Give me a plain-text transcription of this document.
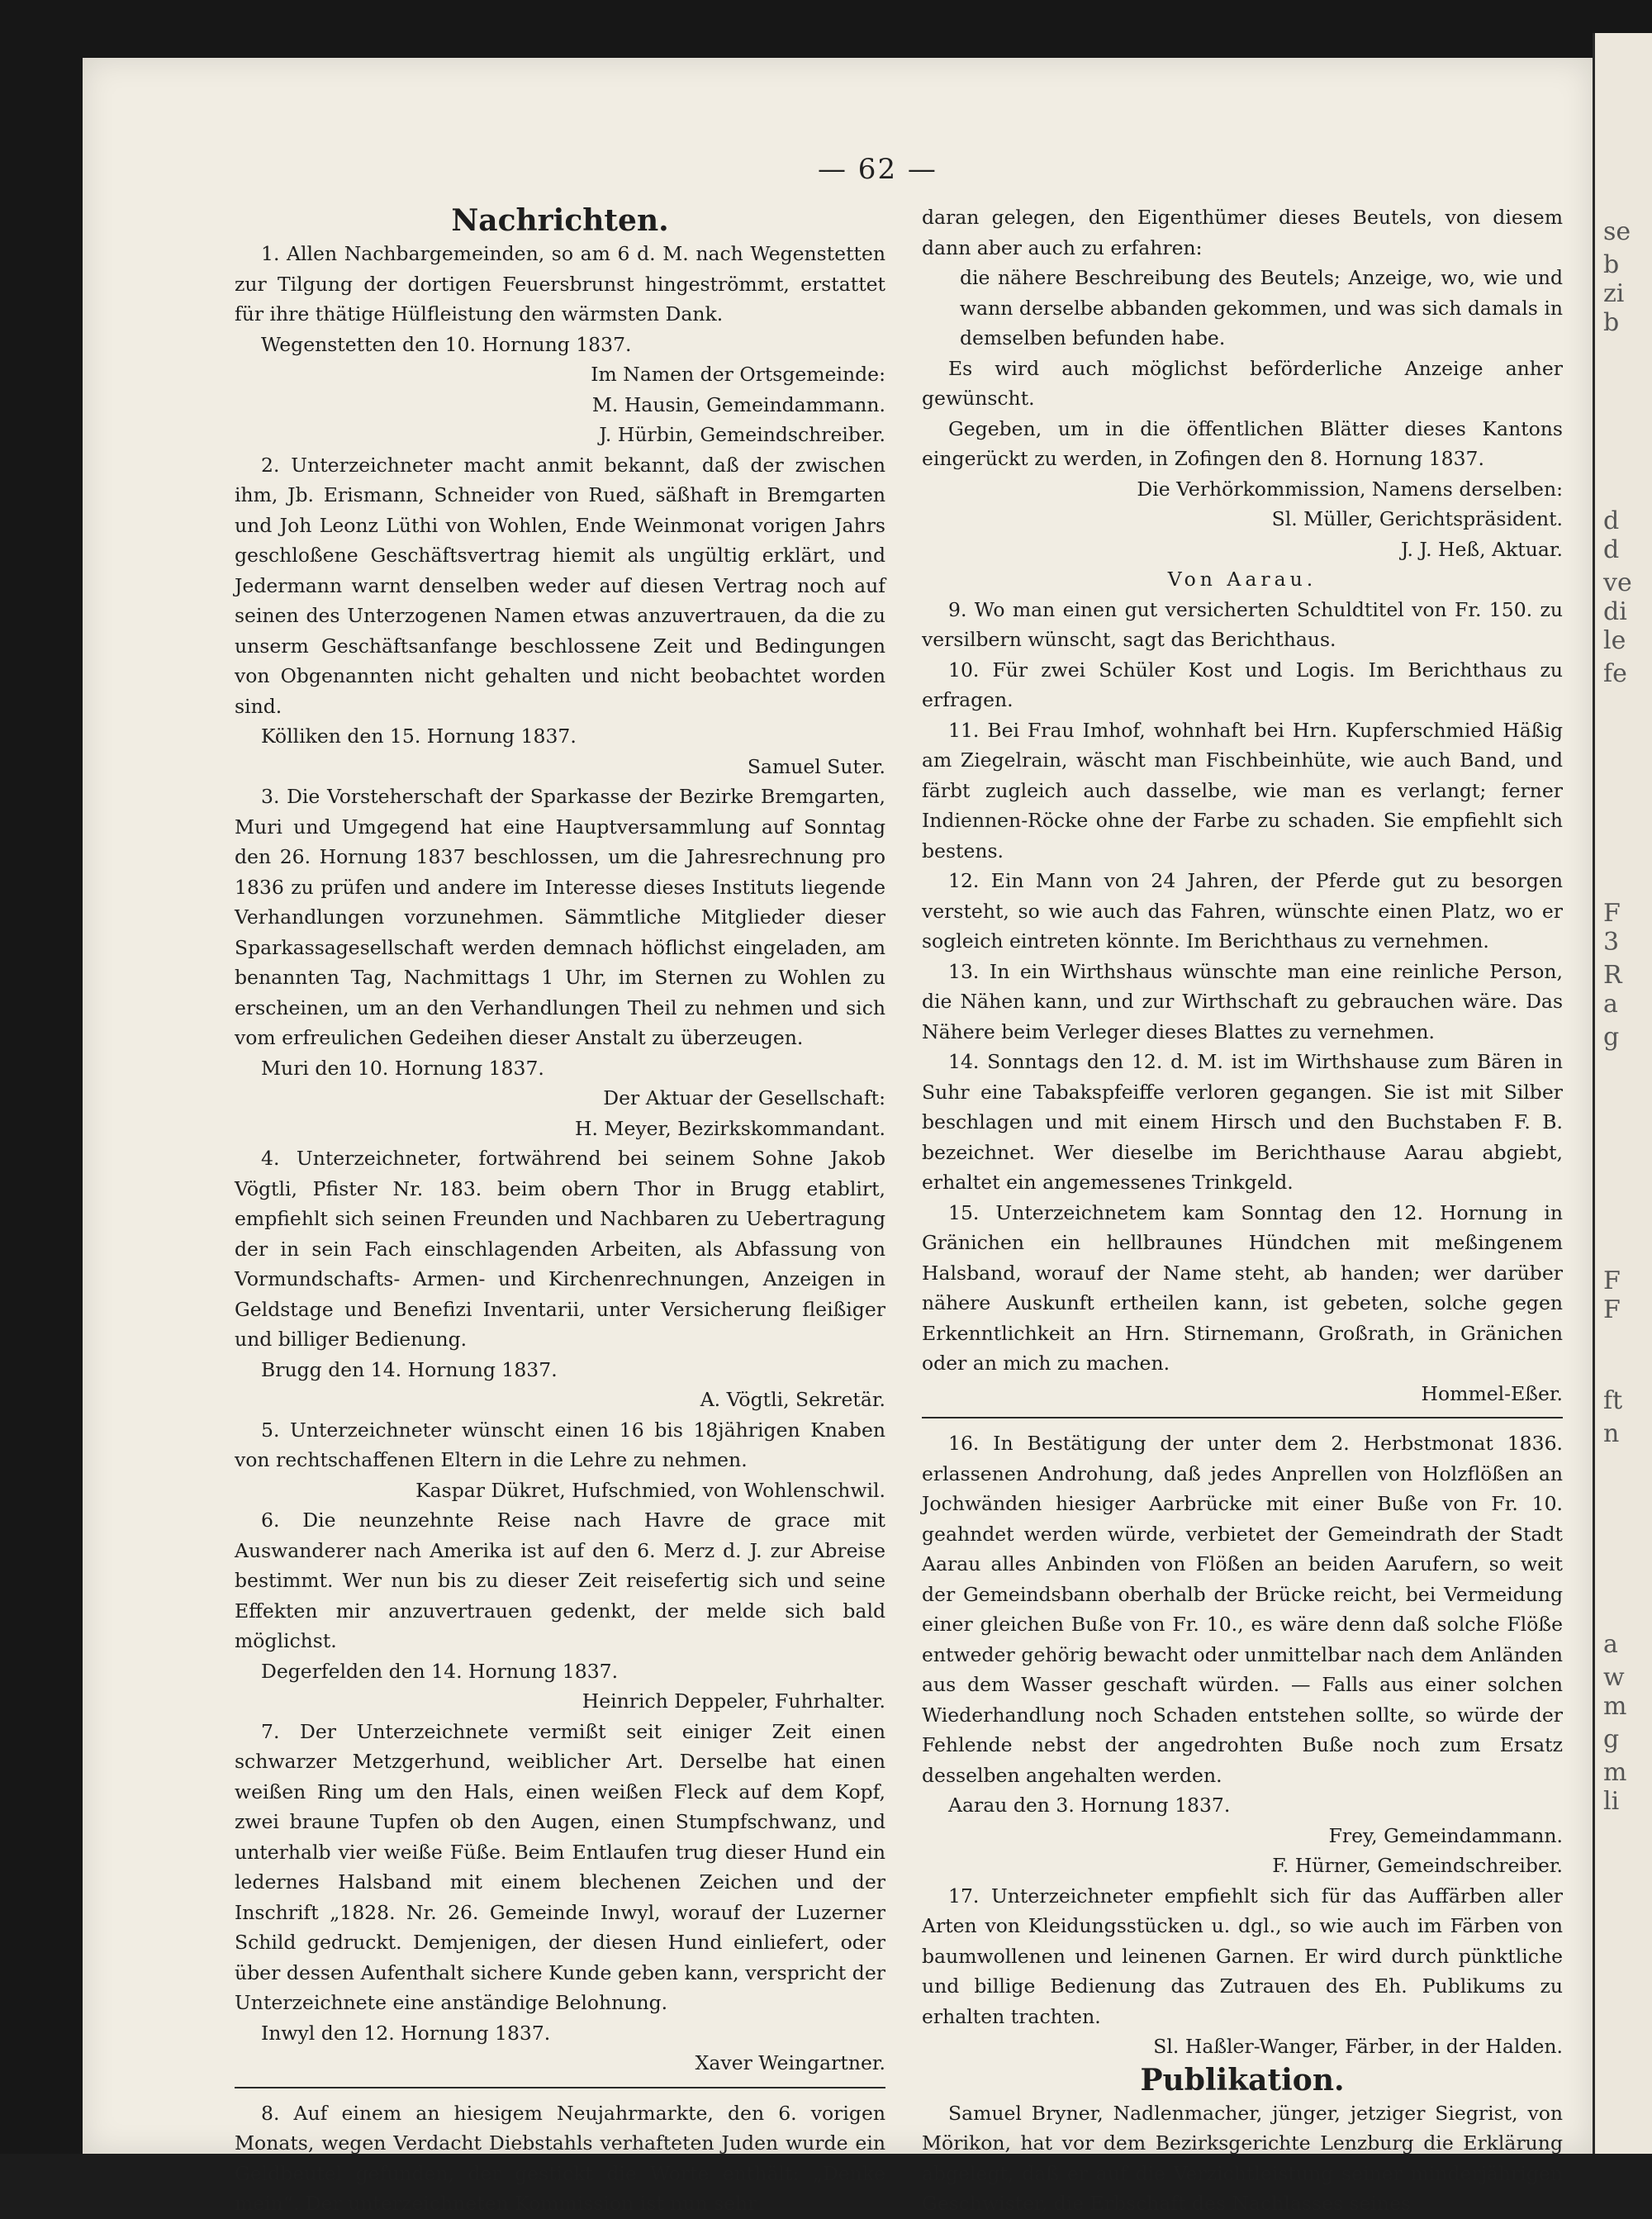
— 62 —
se
b
zi
b
d
d
ve
di
le
fe
F
3
R
a
g
F
F
ft
n
a
w
m
g
m
li

Nachrichten.

1. Allen Nachbargemeinden, so am 6 d. M. nach Wegenstetten zur Tilgung der dortigen Feuersbrunst hingeströmmt, erstattet für ihre thätige Hülfleistung den wärmsten Dank.

Wegenstetten den 10. Hornung 1837.

Im Namen der Ortsgemeinde:

M. Hausin, Gemeindammann.

J. Hürbin, Gemeindschreiber.

2. Unterzeichneter macht anmit bekannt, daß der zwischen ihm, Jb. Erismann, Schneider von Rued, säßhaft in Bremgarten und Joh Leonz Lüthi von Wohlen, Ende Weinmonat vorigen Jahrs geschloßene Geschäftsvertrag hiemit als ungültig erklärt, und Jedermann warnt denselben weder auf diesen Vertrag noch auf seinen des Unterzogenen Namen etwas anzuvertrauen, da die zu unserm Geschäftsanfange beschlossene Zeit und Bedingungen von Obgenannten nicht gehalten und nicht beobachtet worden sind.

Kölliken den 15. Hornung 1837.

Samuel Suter.

3. Die Vorsteherschaft der Sparkasse der Bezirke Bremgarten, Muri und Umgegend hat eine Hauptversammlung auf Sonntag den 26. Hornung 1837 beschlossen, um die Jahresrechnung pro 1836 zu prüfen und andere im Interesse dieses Instituts liegende Verhandlungen vorzunehmen. Sämmtliche Mitglieder dieser Sparkassagesellschaft werden demnach höflichst eingeladen, am benannten Tag, Nachmittags 1 Uhr, im Sternen zu Wohlen zu erscheinen, um an den Verhandlungen Theil zu nehmen und sich vom erfreulichen Gedeihen dieser Anstalt zu überzeugen.

Muri den 10. Hornung 1837.

Der Aktuar der Gesellschaft:

H. Meyer, Bezirkskommandant.

4. Unterzeichneter, fortwährend bei seinem Sohne Jakob Vögtli, Pfister Nr. 183. beim obern Thor in Brugg etablirt, empfiehlt sich seinen Freunden und Nachbaren zu Uebertragung der in sein Fach einschlagenden Arbeiten, als Abfassung von Vormundschafts- Armen- und Kirchenrechnungen, Anzeigen in Geldstage und Benefizi Inventarii, unter Versicherung fleißiger und billiger Bedienung.

Brugg den 14. Hornung 1837.

A. Vögtli, Sekretär.

5. Unterzeichneter wünscht einen 16 bis 18jährigen Knaben von rechtschaffenen Eltern in die Lehre zu nehmen.

Kaspar Dükret, Hufschmied, von Wohlenschwil.

6. Die neunzehnte Reise nach Havre de grace mit Auswanderer nach Amerika ist auf den 6. Merz d. J. zur Abreise bestimmt. Wer nun bis zu dieser Zeit reisefertig sich und seine Effekten mir anzuvertrauen gedenkt, der melde sich bald möglichst.

Degerfelden den 14. Hornung 1837.

Heinrich Deppeler, Fuhrhalter.

7. Der Unterzeichnete vermißt seit einiger Zeit einen schwarzer Metzgerhund, weiblicher Art. Derselbe hat einen weißen Ring um den Hals, einen weißen Fleck auf dem Kopf, zwei braune Tupfen ob den Augen, einen Stumpfschwanz, und unterhalb vier weiße Füße. Beim Entlaufen trug dieser Hund ein ledernes Halsband mit einem blechenen Zeichen und der Inschrift „1828. Nr. 26. Gemeinde Inwyl, worauf der Luzerner Schild gedruckt. Demjenigen, der diesen Hund einliefert, oder über dessen Aufenthalt sichere Kunde geben kann, verspricht der Unterzeichnete eine anständige Belohnung.

Inwyl den 12. Hornung 1837.

Xaver Weingartner.

8. Auf einem an hiesigem Neujahrmarkte, den 6. vorigen Monats, wegen Verdacht Diebstahls verhafteten Juden wurde ein Geldbeutel gefunden, der gestickt die Worte enthält: „Denke mein“. Der unterzeichneten Kommission ist nun sehr

daran gelegen, den Eigenthümer dieses Beutels, von diesem dann aber auch zu erfahren:

die nähere Beschreibung des Beutels; Anzeige, wo, wie und wann derselbe abbanden gekommen, und was sich damals in demselben befunden habe.

Es wird auch möglichst beförderliche Anzeige anher gewünscht.

Gegeben, um in die öffentlichen Blätter dieses Kantons eingerückt zu werden, in Zofingen den 8. Hornung 1837.

Die Verhörkommission, Namens derselben:

Sl. Müller, Gerichtspräsident.

J. J. Heß, Aktuar.

Von Aarau.

9. Wo man einen gut versicherten Schuldtitel von Fr. 150. zu versilbern wünscht, sagt das Berichthaus.

10. Für zwei Schüler Kost und Logis. Im Berichthaus zu erfragen.

11. Bei Frau Imhof, wohnhaft bei Hrn. Kupferschmied Häßig am Ziegelrain, wäscht man Fischbeinhüte, wie auch Band, und färbt zugleich auch dasselbe, wie man es verlangt; ferner Indiennen-Röcke ohne der Farbe zu schaden. Sie empfiehlt sich bestens.

12. Ein Mann von 24 Jahren, der Pferde gut zu besorgen versteht, so wie auch das Fahren, wünschte einen Platz, wo er sogleich eintreten könnte. Im Berichthaus zu vernehmen.

13. In ein Wirthshaus wünschte man eine reinliche Person, die Nähen kann, und zur Wirthschaft zu gebrauchen wäre. Das Nähere beim Verleger dieses Blattes zu vernehmen.

14. Sonntags den 12. d. M. ist im Wirthshause zum Bären in Suhr eine Tabakspfeiffe verloren gegangen. Sie ist mit Silber beschlagen und mit einem Hirsch und den Buchstaben F. B. bezeichnet. Wer dieselbe im Berichthause Aarau abgiebt, erhaltet ein angemessenes Trinkgeld.

15. Unterzeichnetem kam Sonntag den 12. Hornung in Gränichen ein hellbraunes Hündchen mit meßingenem Halsband, worauf der Name steht, ab handen; wer darüber nähere Auskunft ertheilen kann, ist gebeten, solche gegen Erkenntlichkeit an Hrn. Stirnemann, Großrath, in Gränichen oder an mich zu machen.

Hommel-Eßer.

16. In Bestätigung der unter dem 2. Herbstmonat 1836. erlassenen Androhung, daß jedes Anprellen von Holzflößen an Jochwänden hiesiger Aarbrücke mit einer Buße von Fr. 10. geahndet werden würde, verbietet der Gemeindrath der Stadt Aarau alles Anbinden von Flößen an beiden Aarufern, so weit der Gemeindsbann oberhalb der Brücke reicht, bei Vermeidung einer gleichen Buße von Fr. 10., es wäre denn daß solche Flöße entweder gehörig bewacht oder unmittelbar nach dem Anländen aus dem Wasser geschaft würden. — Falls aus einer solchen Wiederhandlung noch Schaden entstehen sollte, so würde der Fehlende nebst der angedrohten Buße noch zum Ersatz desselben angehalten werden.

Aarau den 3. Hornung 1837.

Frey, Gemeindammann.

F. Hürner, Gemeindschreiber.

17. Unterzeichneter empfiehlt sich für das Auffärben aller Arten von Kleidungsstücken u. dgl., so wie auch im Färben von baumwollenen und leinenen Garnen. Er wird durch pünktliche und billige Bedienung das Zutrauen des Eh. Publikums zu erhalten trachten.

Sl. Haßler-Wanger, Färber, in der Halden.

Publikation.

Samuel Bryner, Nadlenmacher, jünger, jetziger Siegrist, von Mörikon, hat vor dem Bezirksgerichte Lenzburg die Erklärung abgelegt, daß er auf die Verzichtleistung seiner minderjährigen Geschwister, die Erbschaft des Nachlasses seines
